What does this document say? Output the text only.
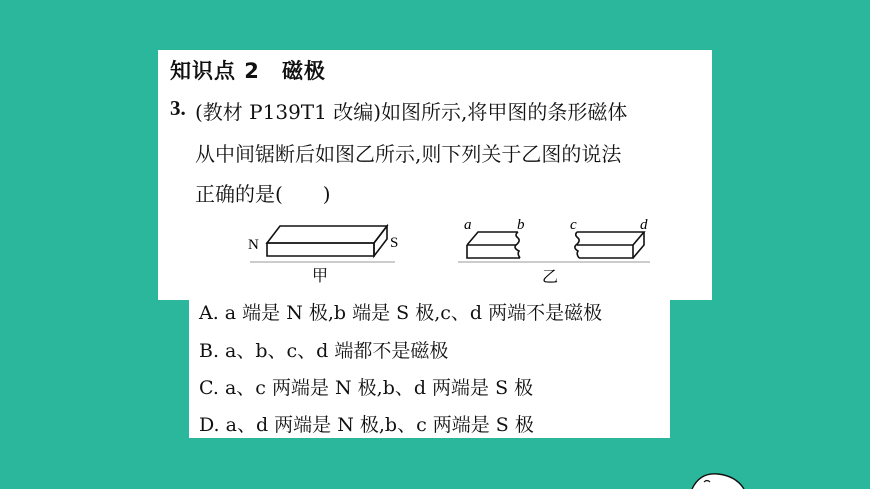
知识点 2 磁极
3. (教材 P139T1 改编)如图所示,将甲图的条形磁体
从中间锯断后如图乙所示,则下列关于乙图的说法
正确的是(　　)
N	S
甲
a	b	c	d
乙
A. a 端是 N 极,b 端是 S 极,c、d 两端不是磁极
B. a、b、c、d 端都不是磁极
C. a、c 两端是 N 极,b、d 两端是 S 极
D. a、d 两端是 N 极,b、c 两端是 S 极
